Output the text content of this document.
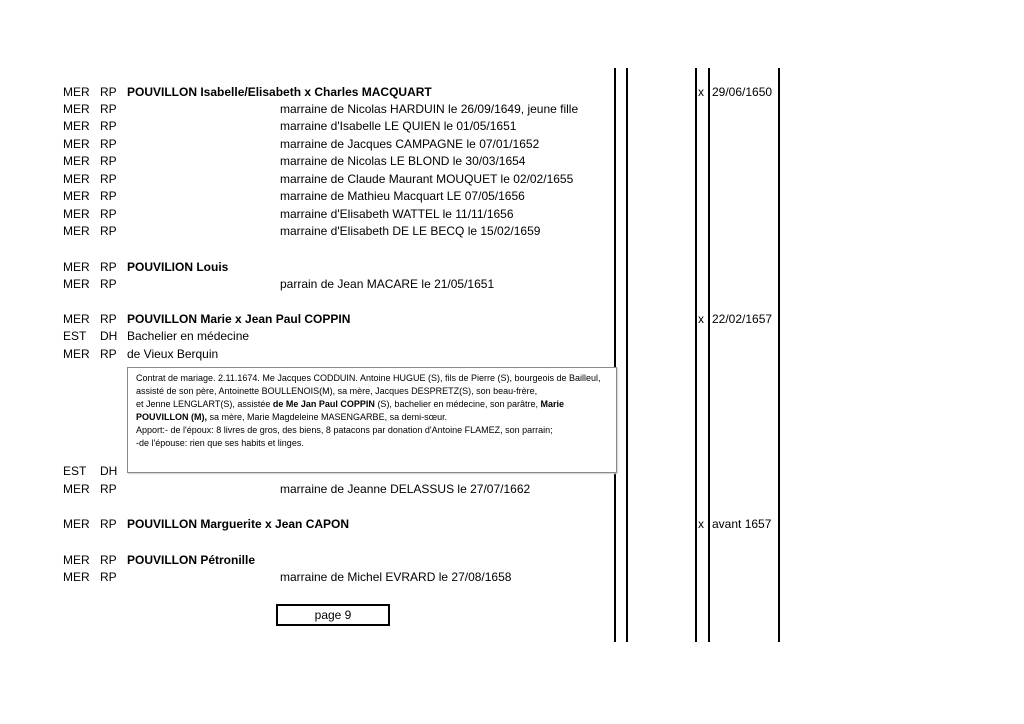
MER RP POUVILLON Isabelle/Elisabeth x Charles MACQUART	x 29/06/1650
MER RP	marraine de Nicolas HARDUIN le 26/09/1649, jeune fille
MER RP	marraine d'Isabelle LE QUIEN le 01/05/1651
MER RP	marraine de Jacques CAMPAGNE le 07/01/1652
MER RP	marraine de Nicolas LE BLOND le 30/03/1654
MER RP	marraine de Claude Maurant MOUQUET le 02/02/1655
MER RP	marraine de Mathieu Macquart LE 07/05/1656
MER RP	marraine d'Elisabeth WATTEL le 11/11/1656
MER RP	marraine d'Elisabeth DE LE BECQ le 15/02/1659
MER RP POUVILION Louis
MER RP	parrain de Jean MACARE le 21/05/1651
MER RP POUVILLON Marie x Jean Paul COPPIN	x 22/02/1657
EST DH Bachelier en médecine
MER RP de Vieux Berquin
EST DH
MER RP	marraine de Jeanne DELASSUS le 27/07/1662
MER RP POUVILLON Marguerite x Jean CAPON	x avant 1657
MER RP POUVILLON Pétronille
MER RP	marraine de Michel EVRARD le 27/08/1658

Contrat de mariage. 2.11.1674. Me Jacques CODDUIN. Antoine HUGUE (S), fils de Pierre (S), bourgeois de Bailleul, assisté de son père, Antoinette BOULLENOIS(M), sa mère, Jacques DESPRETZ(S), son beau-frère,

et Jenne LENGLART(S), assistée de Me Jan Paul COPPIN (S), bachelier en médecine, son parâtre, Marie POUVILLON (M), sa mère, Marie Magdeleine MASENGARBE, sa demi-sœur.

Apport:- de l'époux: 8 livres de gros, des biens, 8 patacons par donation d'Antoine FLAMEZ, son parrain;

-de l'épouse: rien que ses habits et linges.

page 9
